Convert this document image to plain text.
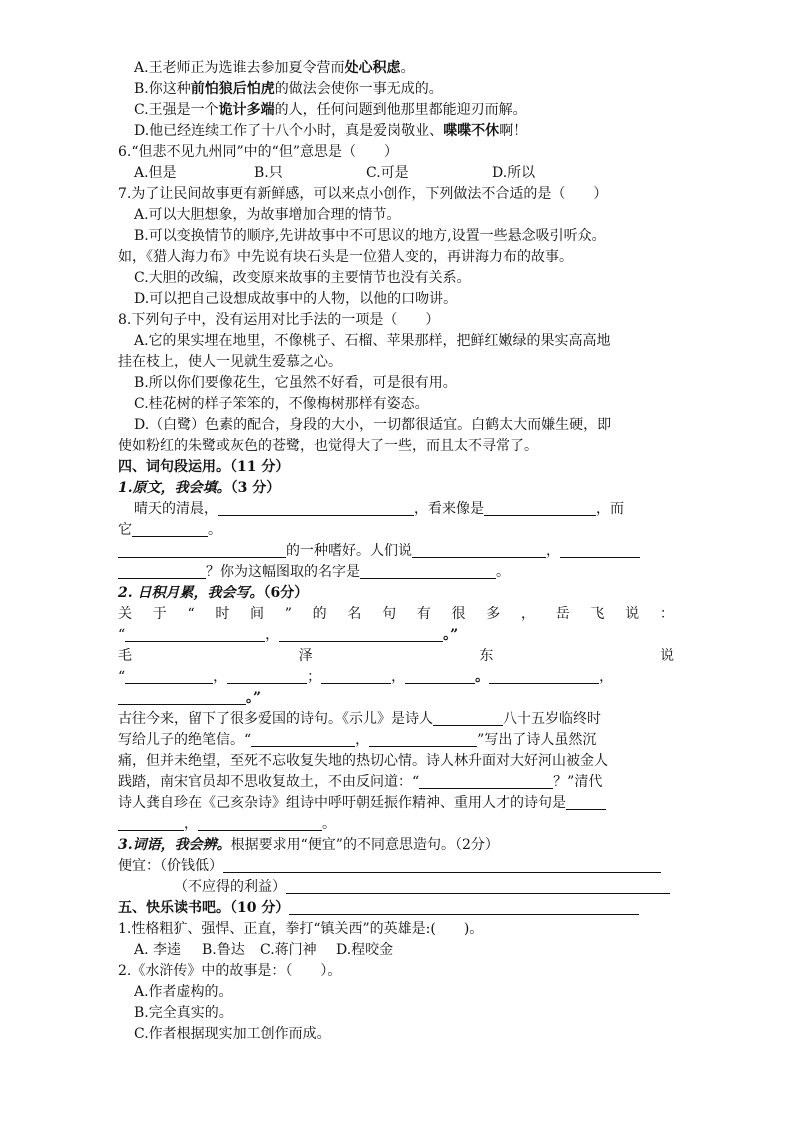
A.王老师正为选谁去参加夏令营而处心积虑。
B.你这种前怕狼后怕虎的做法会使你一事无成的。
C.王强是一个诡计多端的人，任何问题到他那里都能迎刃而解。
D.他已经连续工作了十八个小时，真是爱岗敬业、喋喋不休啊！
6.“但悲不见九州同”中的“但”意思是（　　）
A.但是	B.只	C.可是	D.所以
7.为了让民间故事更有新鲜感，可以来点小创作，下列做法不合适的是（　　）
A.可以大胆想象，为故事增加合理的情节。
B.可以变换情节的顺序,先讲故事中不可思议的地方,设置一些悬念吸引听众。
如，《猎人海力布》中先说有块石头是一位猎人变的，再讲海力布的故事。
C.大胆的改编，改变原来故事的主要情节也没有关系。
D.可以把自己设想成故事中的人物，以他的口吻讲。
8.下列句子中，没有运用对比手法的一项是（　　）
A.它的果实埋在地里，不像桃子、石榴、苹果那样，把鲜红嫩绿的果实高高地
挂在枝上，使人一见就生爱慕之心。
B.所以你们要像花生，它虽然不好看，可是很有用。
C.桂花树的样子笨笨的，不像梅树那样有姿态。
D.（白鹭）色素的配合，身段的大小，一切都很适宜。白鹤太大而嫌生硬，即
使如粉红的朱鹭或灰色的苍鹭，也觉得大了一些，而且太不寻常了。
四、词句段运用。（11 分）
1.原文，我会填。（3 分）
晴天的清晨，	，看来像是	，而
它	。
的一种嗜好。人们说	，
？你为这幅图取的名字是	。
2. 日积月累，我会写。（6分）
关 于 “ 时 间 ” 的 名 句 有 很 多 ， 岳 飞 说 ：
“	，	。”
毛	泽	东	说
“	，	；	，	。	，
。”
古往今来，留下了很多爱国的诗句。《示儿》是诗人	八十五岁临终时
写给儿子的绝笔信。“	，	”写出了诗人虽然沉
痛，但并未绝望，至死不忘收复失地的热切心情。诗人林升面对大好河山被金人
践踏，南宋官员却不思收复故土，不由反问道：“	？”清代
诗人龚自珍在《己亥杂诗》组诗中呼吁朝廷振作精神、重用人才的诗句是
，	。
3.词语，我会辨。根据要求用“便宜”的不同意思造句。（2分）
便宜：（价钱低）
（不应得的利益）
五、快乐读书吧。（10 分）
1.性格粗犷、强悍、正直，拳打“镇关西”的英雄是:(　　)。
A. 李逵 B.鲁达 C.蒋门神 D.程咬金
2.《水浒传》中的故事是：（　　）。
A.作者虚构的。
B.完全真实的。
C.作者根据现实加工创作而成。
